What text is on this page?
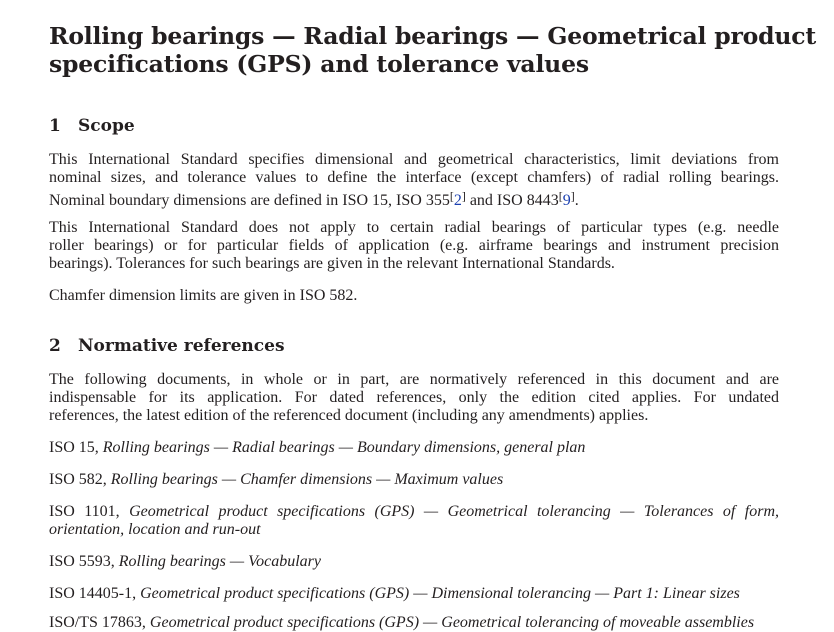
Rolling bearings — Radial bearings — Geometrical product
specifications (GPS) and tolerance values
1 Scope

This International Standard specifies dimensional and geometrical characteristics, limit deviations from
nominal sizes, and tolerance values to define the interface (except chamfers) of radial rolling bearings.
Nominal boundary dimensions are defined in ISO 15, ISO 355[2] and ISO 8443[9].

This International Standard does not apply to certain radial bearings of particular types (e.g. needle
roller bearings) or for particular fields of application (e.g. airframe bearings and instrument precision
bearings). Tolerances for such bearings are given in the relevant International Standards.

Chamfer dimension limits are given in ISO 582.

2 Normative references

The following documents, in whole or in part, are normatively referenced in this document and are
indispensable for its application. For dated references, only the edition cited applies. For undated
references, the latest edition of the referenced document (including any amendments) applies.

ISO 15, Rolling bearings — Radial bearings — Boundary dimensions, general plan

ISO 582, Rolling bearings — Chamfer dimensions — Maximum values

ISO 1101, Geometrical product specifications (GPS) — Geometrical tolerancing — Tolerances of form,
orientation, location and run-out

ISO 5593, Rolling bearings — Vocabulary

ISO 14405-1, Geometrical product specifications (GPS) — Dimensional tolerancing — Part 1: Linear sizes

ISO/TS 17863, Geometrical product specifications (GPS) — Geometrical tolerancing of moveable assemblies
